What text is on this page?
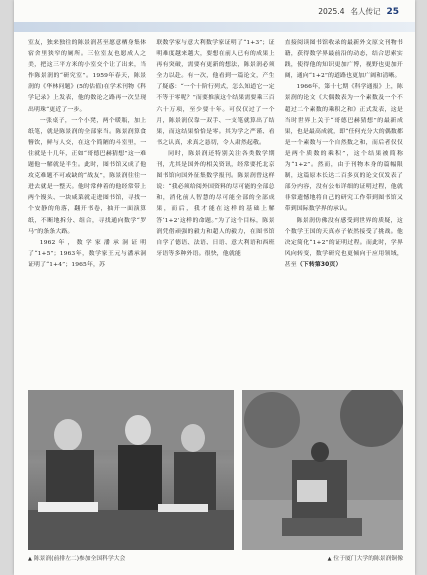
2025.4 名人传记 25

室友，独来独往的陈景润甚至愿意栖身集体宿舍里狭窄的厕所。三位室友也愿成人之美，把这三平方米的小室交个让了出来，当作陈景润的“研究室”。1959年春天，陈景润的《华林问题》(5的估值)在学术刊物《科学记录》上发表，他的数论之路再一次呈现出明珠“更近了一步。

一张桌子，一个小凳，两个暖瓶，加上纸笔，就是陈景润的全部家当。陈景润算食簪饮，鲜与人交，在这个简陋的斗室里，一住就是十几年，正如“哥德巴赫猜想”这一难题他一解就是半生。此时，图书馆又成了他攻克难题不可或缺的“战友”，陈景润往往一进去就是一整天。他时常伸着的他经常带上两个馒头、一块咸菜就走进图书馆，寻找一个安静的角落，翻开书卷，抽开一面演算纸，不断地拆分、组合，寻找通向数学“罗马”的条条大路。

1962年，数学家潘承洞证明了“1+5”；1963年，数学家王元与潘承洞证明了“1+4”；1965年，苏

联数学家与意大利数学家证明了“1+3”；证明难度越来越大，要想在前人已有的成果上再有突破，需要有更新的想法，陈景润必须全力以赴。有一次，他看到一篇论文，产生了疑惑：“一个十阶行列式，怎么知道它一定不等于零呢？”而要推演这个结果需要乘三百六十万项，至少要十年。可仅仅过了一个月，陈景润仅靠一双手、一支笔就算出了结果，而这结果恰恰是零。其为学之严谨、看书之认真，求真之恳切，令人肃然起敬。

同时，陈景润还特别关注各类数学期刊，尤其是国外的相关资讯，经常要托北京图书馆向国外征集数学报刊。陈景润曾这样说：“我必须给阅外国资料的尽可能的全部总和，消化前人智慧的尽可能全部的全部成果，而后，我才能在这样的基础上解答‘1+2’这样的命题。”为了这个目标，陈景润凭借顽强的毅力和超人的毅力，在图书馆自学了德语、法语、日语、意大利语和西班牙语等多种外语。很快，他就能

直接阅读图书馆收录的最新外文原文刊物书籍，获得数学界最前沿的动态，结合思索实践，使得他的知识更加广博，视野也更加开阔，通向“1+2”的道路也更加广阔和清晰。

1966年，第十七期《科学通报》上，陈景润的论文《大偶数表为一个素数及一个不超过二个素数的乘积之和》正式发表，这是当时世界上关于“哥德巴赫猜想”的最新成果，也是最高成就，即“任何充分大的偶数都是一个素数与一个自然数之和，而后者仅仅是两个质数的乘积”，这个结果被简称为“1+2”。然而，由于刊物本身的篇幅限制，这篇原本长达二百多页的论文仅发表了部分内容，没有公布详细的证明过程，他就非常遗憾地将自己的研究工作带到图书馆又带到国际数学界的承认。

陈景润仿佛没有感受到世界的质疑，这个数学王国的天真赤子依然接受了挑战。他决定简化“1+2”的证明过程。而此时，学界风向转变，数学研究也更倾向于应用领域，甚至（下转第30页）

▲ 陈景润(前排左二)参加全国科学大会	▲ 位于厦门大学的陈景润铜像
